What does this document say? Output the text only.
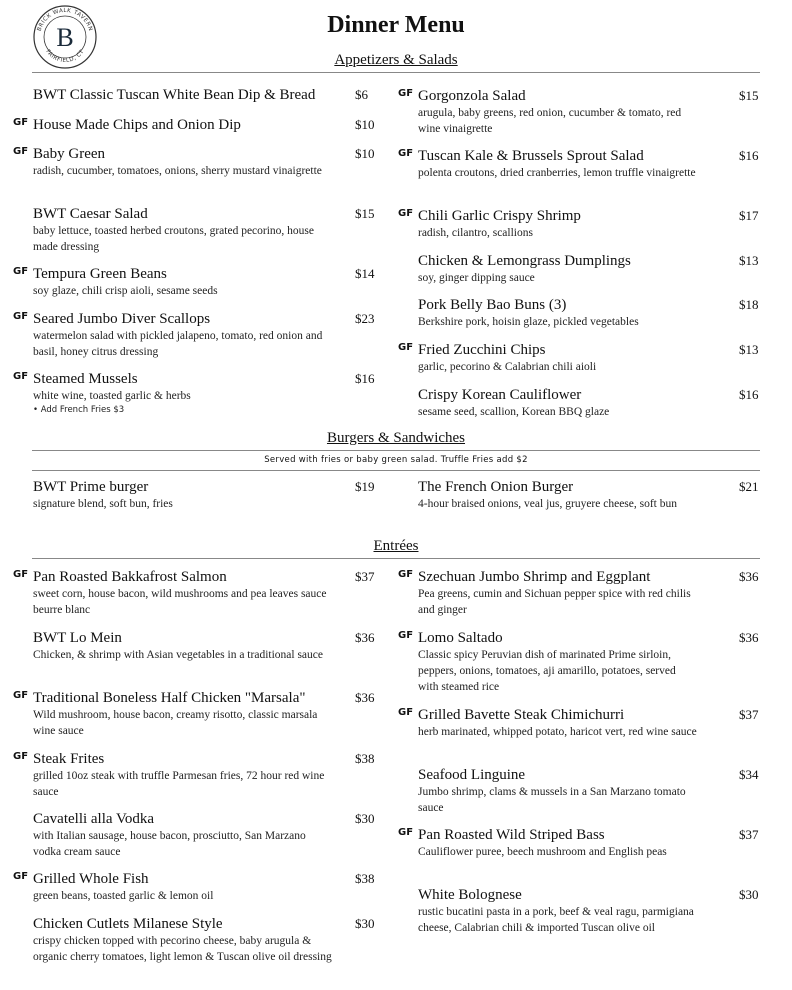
BRICK WALK TAVERN
FAIRFIELD, CT
B	Dinner Menu
Appetizers & Salads
BWT Classic Tuscan White Bean Dip & Bread	$6
GF House Made Chips and Onion Dip	$10
GF Baby Green	$10
radish, cucumber, tomatoes, onions, sherry mustard vinaigrette
BWT Caesar Salad	$15
baby lettuce, toasted herbed croutons, grated pecorino, house made dressing
GF Tempura Green Beans	$14
soy glaze, chili crisp aioli, sesame seeds
GF Seared Jumbo Diver Scallops	$23
watermelon salad with pickled jalapeno, tomato, red onion and basil, honey citrus dressing
GF Steamed Mussels	$16
white wine, toasted garlic & herbs
• Add French Fries $3
GF Gorgonzola Salad	$15
arugula, baby greens, red onion, cucumber & tomato, red wine vinaigrette
GF Tuscan Kale & Brussels Sprout Salad	$16
polenta croutons, dried cranberries, lemon truffle vinaigrette
GF Chili Garlic Crispy Shrimp	$17
radish, cilantro, scallions
Chicken & Lemongrass Dumplings	$13
soy, ginger dipping sauce
Pork Belly Bao Buns (3)	$18
Berkshire pork, hoisin glaze, pickled vegetables
GF Fried Zucchini Chips	$13
garlic, pecorino & Calabrian chili aioli
Crispy Korean Cauliflower	$16
sesame seed, scallion, Korean BBQ glaze
Burgers & Sandwiches
Served with fries or baby green salad. Truffle Fries add $2
BWT Prime burger	$19
signature blend, soft bun, fries
The French Onion Burger	$21
4-hour braised onions, veal jus, gruyere cheese, soft bun
Entrées
GF Pan Roasted Bakkafrost Salmon	$37
sweet corn, house bacon, wild mushrooms and pea leaves sauce beurre blanc
BWT Lo Mein	$36
Chicken, & shrimp with Asian vegetables in a traditional sauce
GF Traditional Boneless Half Chicken "Marsala"	$36
Wild mushroom, house bacon, creamy risotto, classic marsala wine sauce
GF Steak Frites	$38
grilled 10oz steak with truffle Parmesan fries, 72 hour red wine sauce
Cavatelli alla Vodka	$30
with Italian sausage, house bacon, prosciutto, San Marzano vodka cream sauce
GF Grilled Whole Fish	$38
green beans, toasted garlic & lemon oil
Chicken Cutlets Milanese Style	$30
crispy chicken topped with pecorino cheese, baby arugula & organic cherry tomatoes, light lemon & Tuscan olive oil dressing
GF Szechuan Jumbo Shrimp and Eggplant	$36
Pea greens, cumin and Sichuan pepper spice with red chilis and ginger
GF Lomo Saltado	$36
Classic spicy Peruvian dish of marinated Prime sirloin, peppers, onions, tomatoes, aji amarillo, potatoes, served with steamed rice
GF Grilled Bavette Steak Chimichurri	$37
herb marinated, whipped potato, haricot vert, red wine sauce
Seafood Linguine	$34
Jumbo shrimp, clams & mussels in a San Marzano tomato sauce
GF Pan Roasted Wild Striped Bass	$37
Cauliflower puree, beech mushroom and English peas
White Bolognese	$30
rustic bucatini pasta in a pork, beef & veal ragu, parmigiana cheese, Calabrian chili & imported Tuscan olive oil
